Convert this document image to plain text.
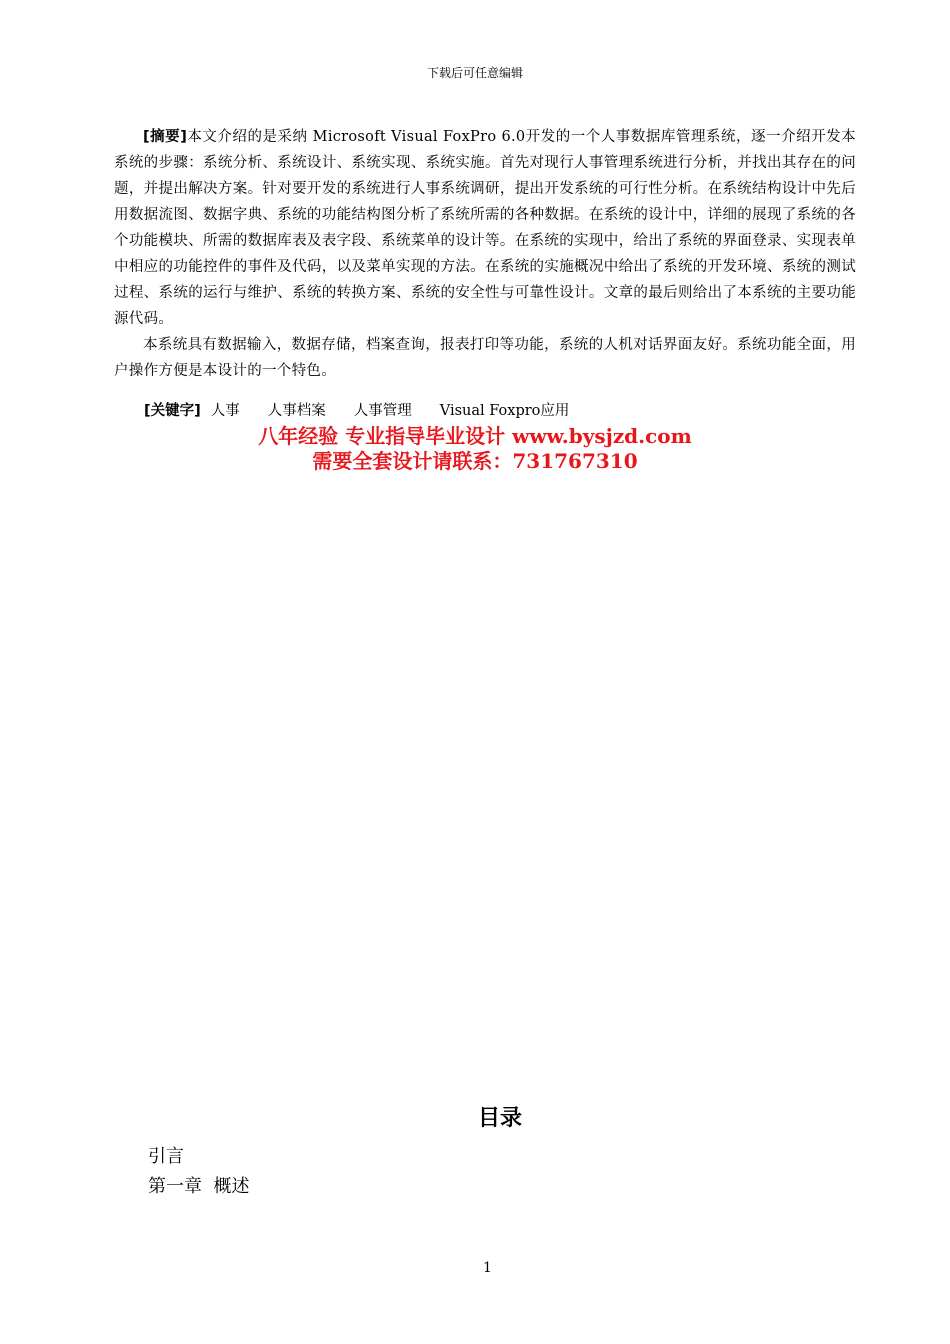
下载后可任意编辑

[摘要]本文介绍的是采纳 Microsoft Visual FoxPro 6.0开发的一个人事数据库管理系统，逐一介绍开发本系统的步骤：系统分析、系统设计、系统实现、系统实施。首先对现行人事管理系统进行分析，并找出其存在的问题，并提出解决方案。针对要开发的系统进行人事系统调研，提出开发系统的可行性分析。在系统结构设计中先后用数据流图、数据字典、系统的功能结构图分析了系统所需的各种数据。在系统的设计中，详细的展现了系统的各个功能模块、所需的数据库表及表字段、系统菜单的设计等。在系统的实现中，给出了系统的界面登录、实现表单中相应的功能控件的事件及代码，以及菜单实现的方法。在系统的实施概况中给出了系统的开发环境、系统的测试过程、系统的运行与维护、系统的转换方案、系统的安全性与可靠性设计。文章的最后则给出了本系统的主要功能源代码。

本系统具有数据输入，数据存储，档案查询，报表打印等功能，系统的人机对话界面友好。系统功能全面，用户操作方便是本设计的一个特色。

[关键字] 人事 人事档案 人事管理 Visual Foxpro应用
八年经验 专业指导毕业设计 www.bysjzd.com
需要全套设计请联系：731767310
目录
引言
第一章  概述
1
